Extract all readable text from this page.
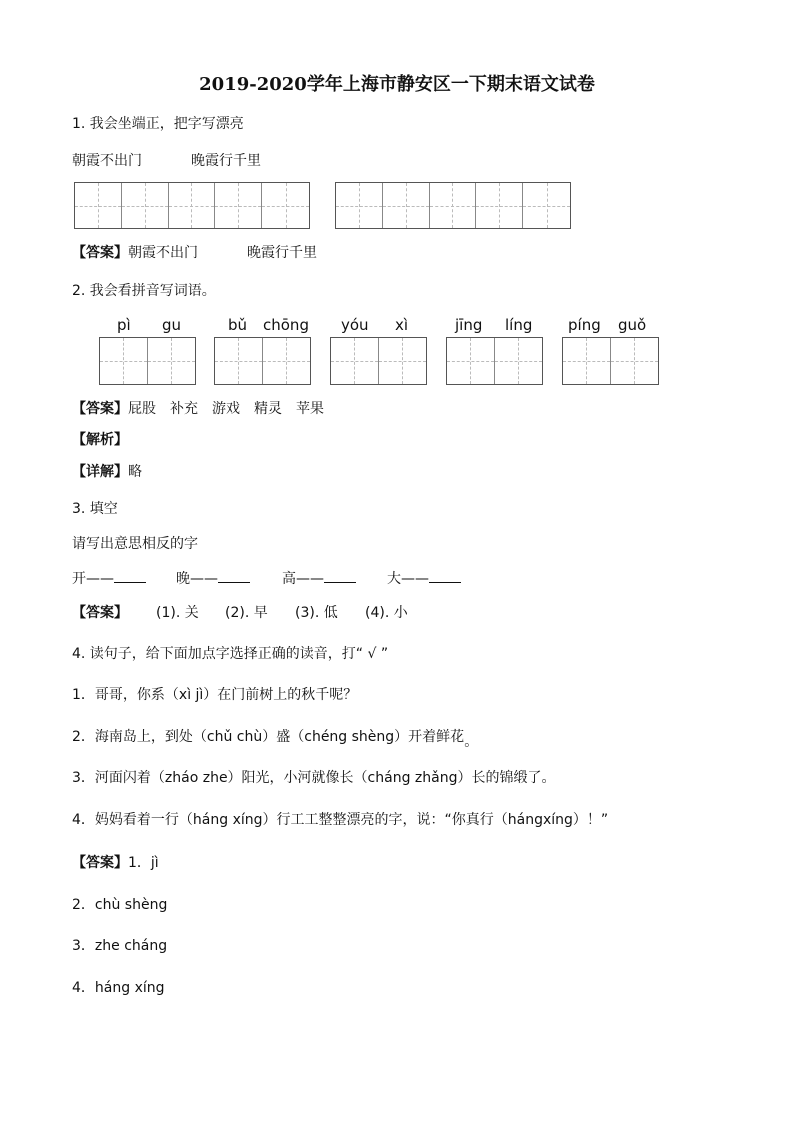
2019-2020学年上海市静安区一下期末语文试卷
1. 我会坐端正，把字写漂亮
朝霞不出门	晚霞行千里
【答案】朝霞不出门	晚霞行千里
2. 我会看拼音写词语。
pì gu	bǔ chōng yóu xì	jīng líng píng guǒ
【答案】屁股　补充　游戏　精灵　苹果
【解析】
【详解】略
3. 填空
请写出意思相反的字
开——	晚——	高——	大——
【答案】 (1). 关 (2). 早 (3). 低 (4). 小
4. 读句子，给下面加点字选择正确的读音，打“ √ ”
1．哥哥，你系（xì jì）在门前树上的秋千呢？
2．海南岛上，到处（chǔ chù）盛（chéng shèng）开着鲜花。
3．河面闪着（zháo zhe）阳光，小河就像长（cháng zhǎng）长的锦缎了。
4．妈妈看着一行（háng xíng）行工工整整漂亮的字，说：“你真行（hángxíng）！”
【答案】1．jì
2．chù shèng
3．zhe cháng
4．háng xíng
